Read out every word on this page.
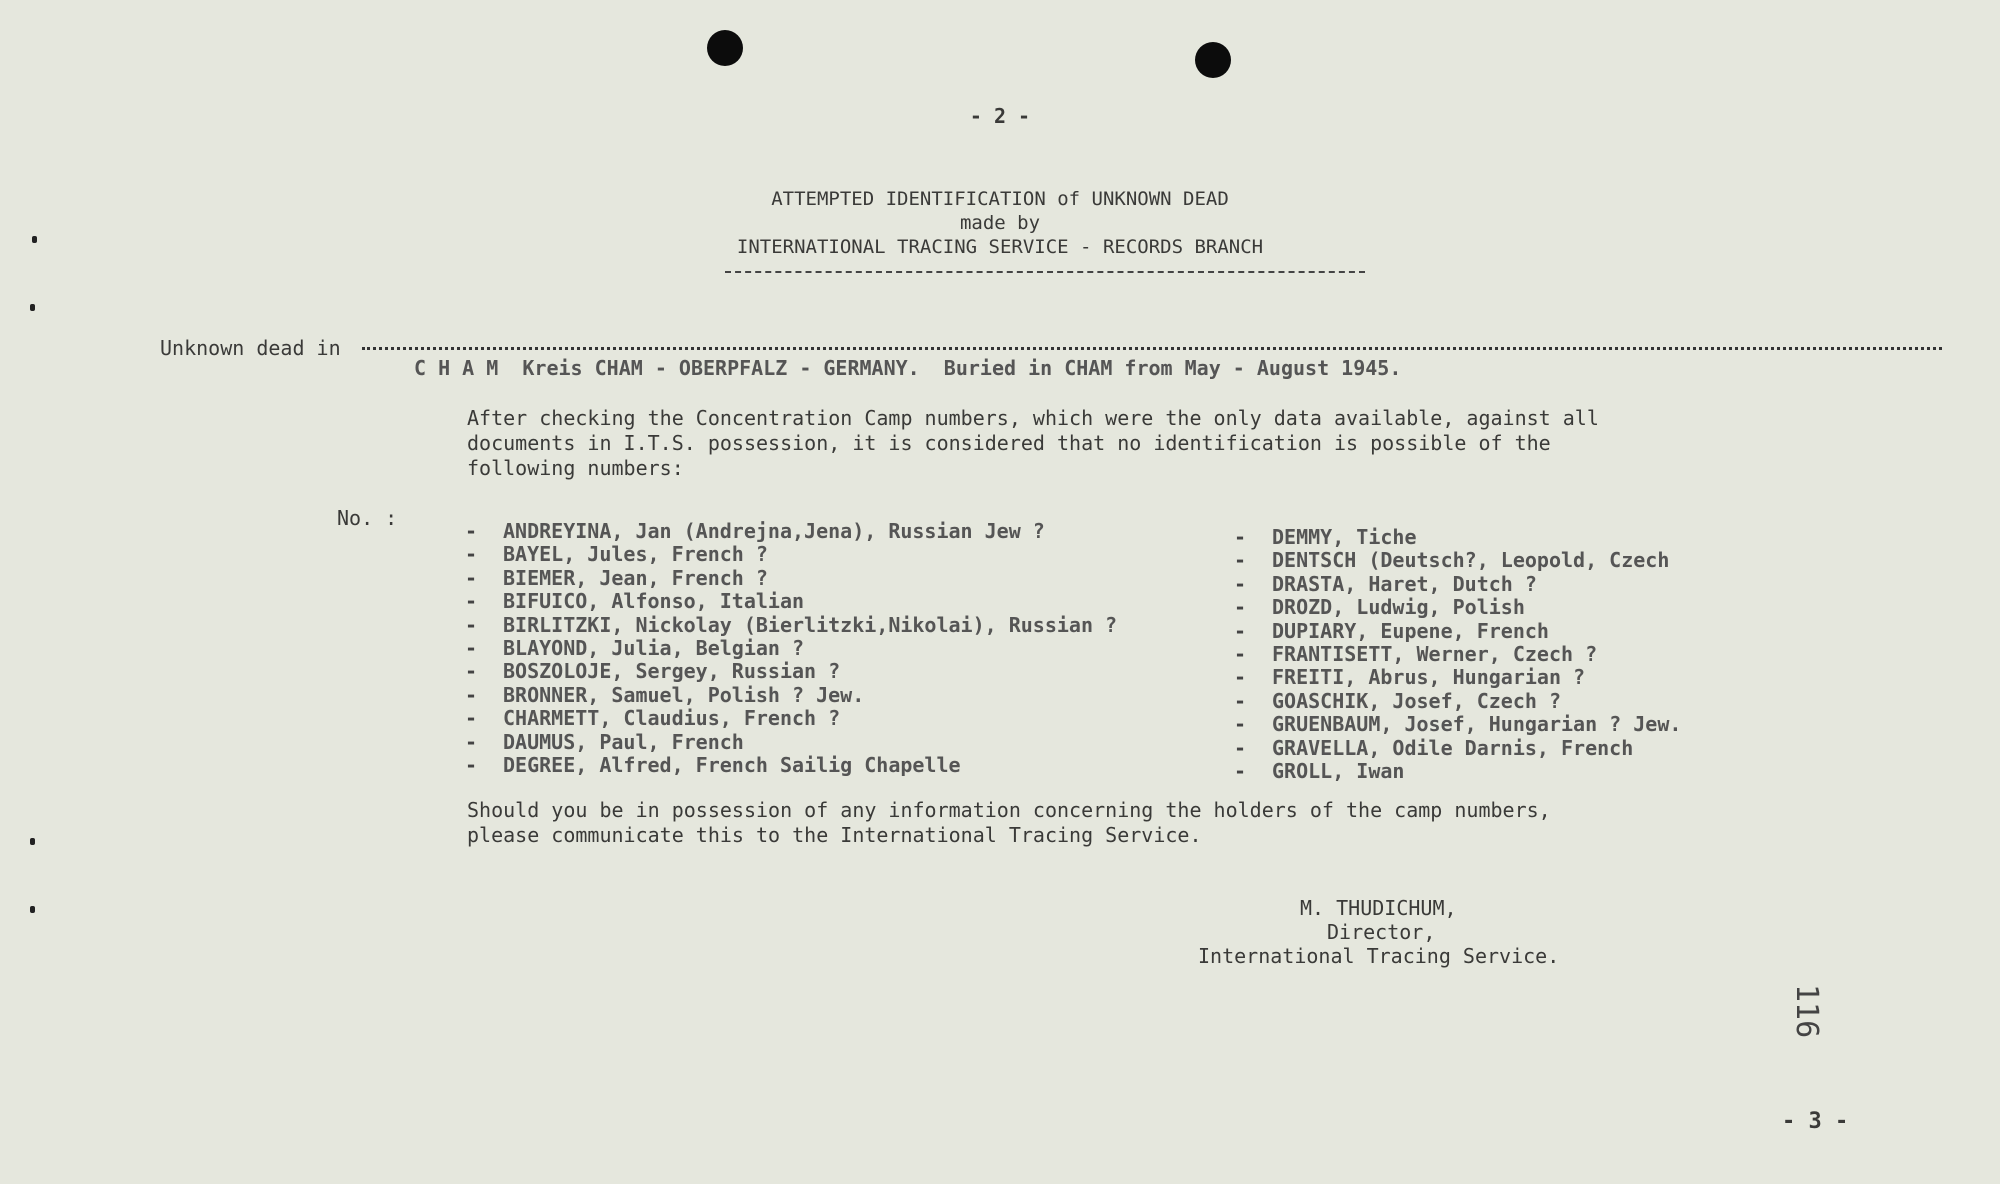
- 2 -
ATTEMPTED IDENTIFICATION of UNKNOWN DEAD
made by
INTERNATIONAL TRACING SERVICE - RECORDS BRANCH
Unknown dead in
C H A M  Kreis CHAM - OBERPFALZ - GERMANY.  Buried in CHAM from May - August 1945.
After checking the Concentration Camp numbers, which were the only data available, against all
documents in I.T.S. possession, it is considered that no identification is possible of the
following numbers:
No. :
- ANDREYINA, Jan (Andrejna,Jena), Russian Jew ?
- BAYEL, Jules, French ?
- BIEMER, Jean, French ?
- BIFUICO, Alfonso, Italian
- BIRLITZKI, Nickolay (Bierlitzki,Nikolai), Russian ?
- BLAYOND, Julia, Belgian ?
- BOSZOLOJE, Sergey, Russian ?
- BRONNER, Samuel, Polish ? Jew.
- CHARMETT, Claudius, French ?
- DAUMUS, Paul, French
- DEGREE, Alfred, French Sailig Chapelle
- DEMMY, Tiche
- DENTSCH (Deutsch?, Leopold, Czech
- DRASTA, Haret, Dutch ?
- DROZD, Ludwig, Polish
- DUPIARY, Eupene, French
- FRANTISETT, Werner, Czech ?
- FREITI, Abrus, Hungarian ?
- GOASCHIK, Josef, Czech ?
- GRUENBAUM, Josef, Hungarian ? Jew.
- GRAVELLA, Odile Darnis, French
- GROLL, Iwan
Should you be in possession of any information concerning the holders of the camp numbers,
please communicate this to the International Tracing Service.
M. THUDICHUM,
Director,
International Tracing Service.
116
- 3 -
